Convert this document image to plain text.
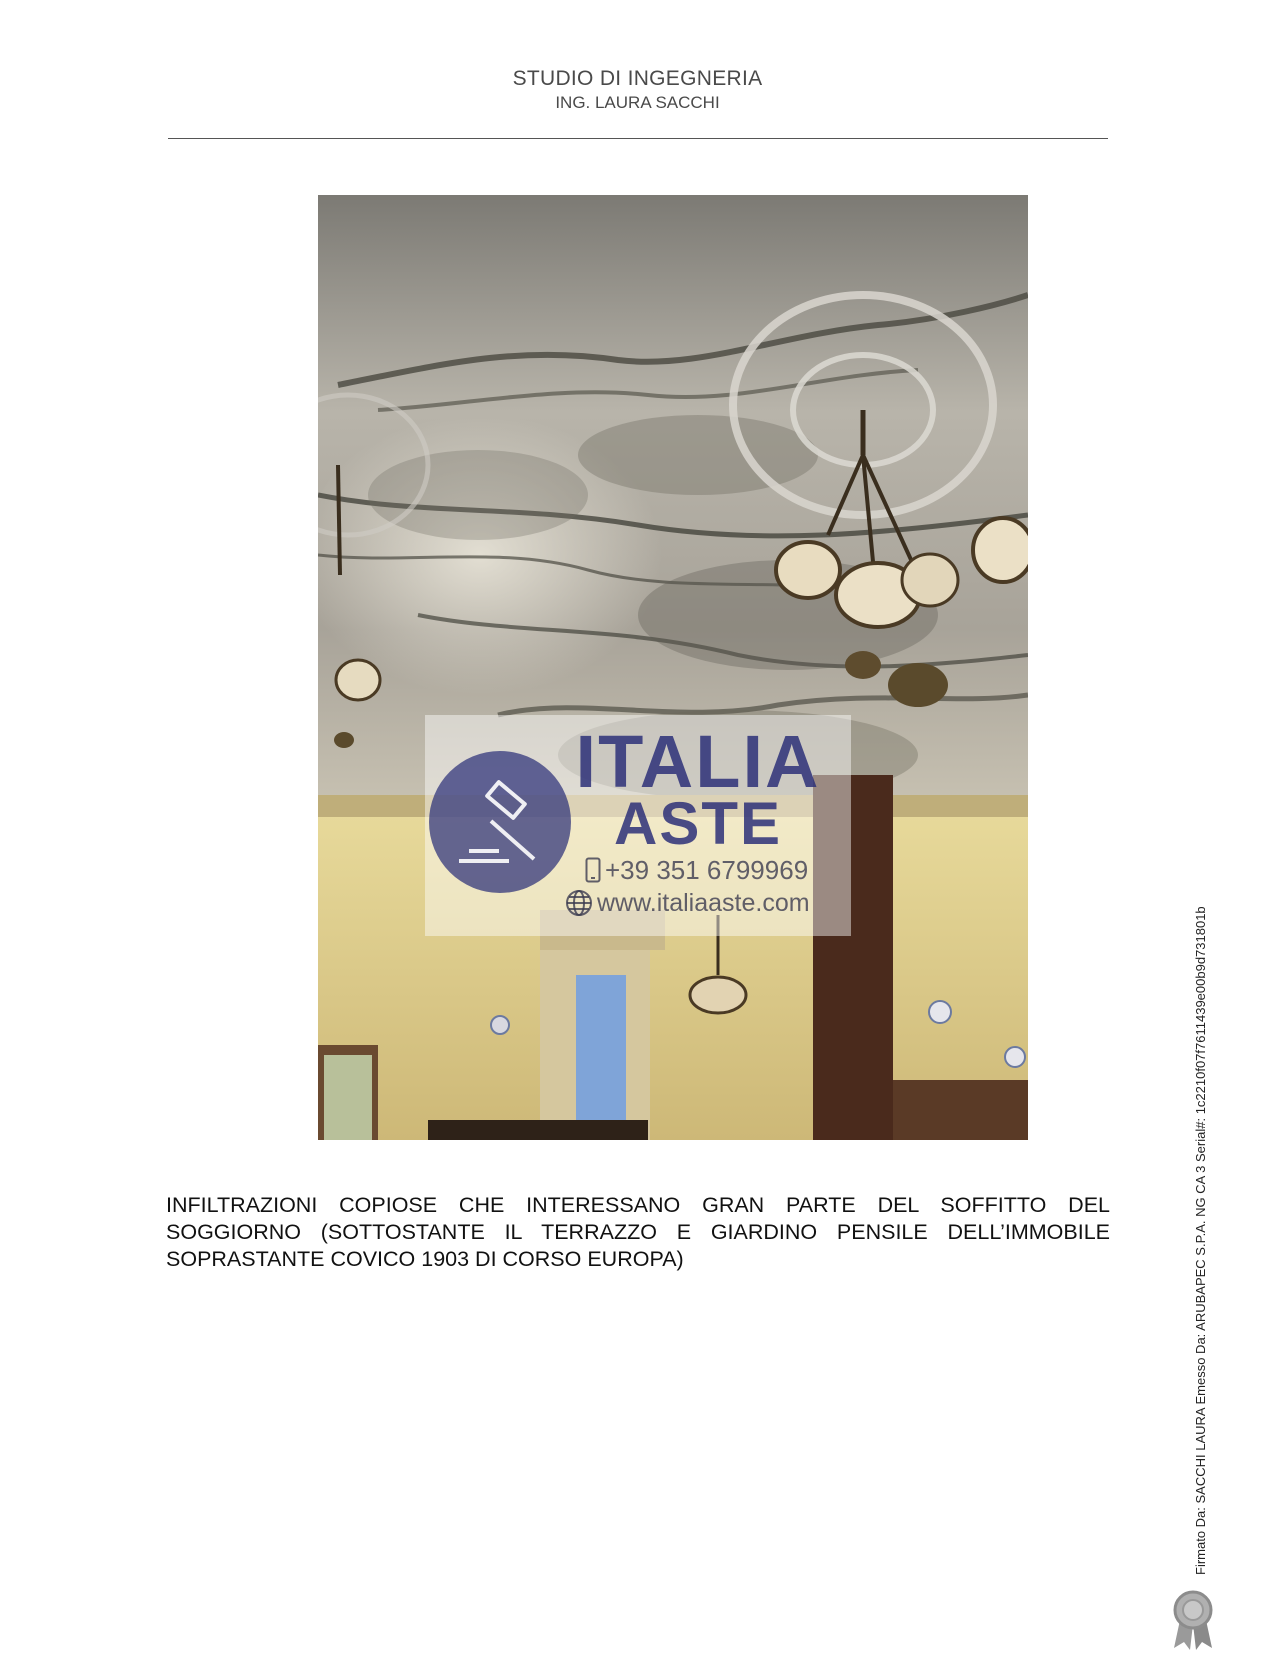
STUDIO DI INGEGNERIA
ING. LAURA SACCHI
ITALIA
ASTE
+39 351 6799969
www.italiaaste.com
INFILTRAZIONI COPIOSE CHE INTERESSANO GRAN PARTE DEL SOFFITTO DEL SOGGIORNO (SOTTOSTANTE IL TERRAZZO E GIARDINO PENSILE DELL’IMMOBILE SOPRASTANTE COVICO 1903 DI CORSO EUROPA)	Firmato Da: SACCHI LAURA Emesso Da: ARUBAPEC S.P.A. NG CA 3 Serial#: 1c2210f07f7611439e00b9d731801b
